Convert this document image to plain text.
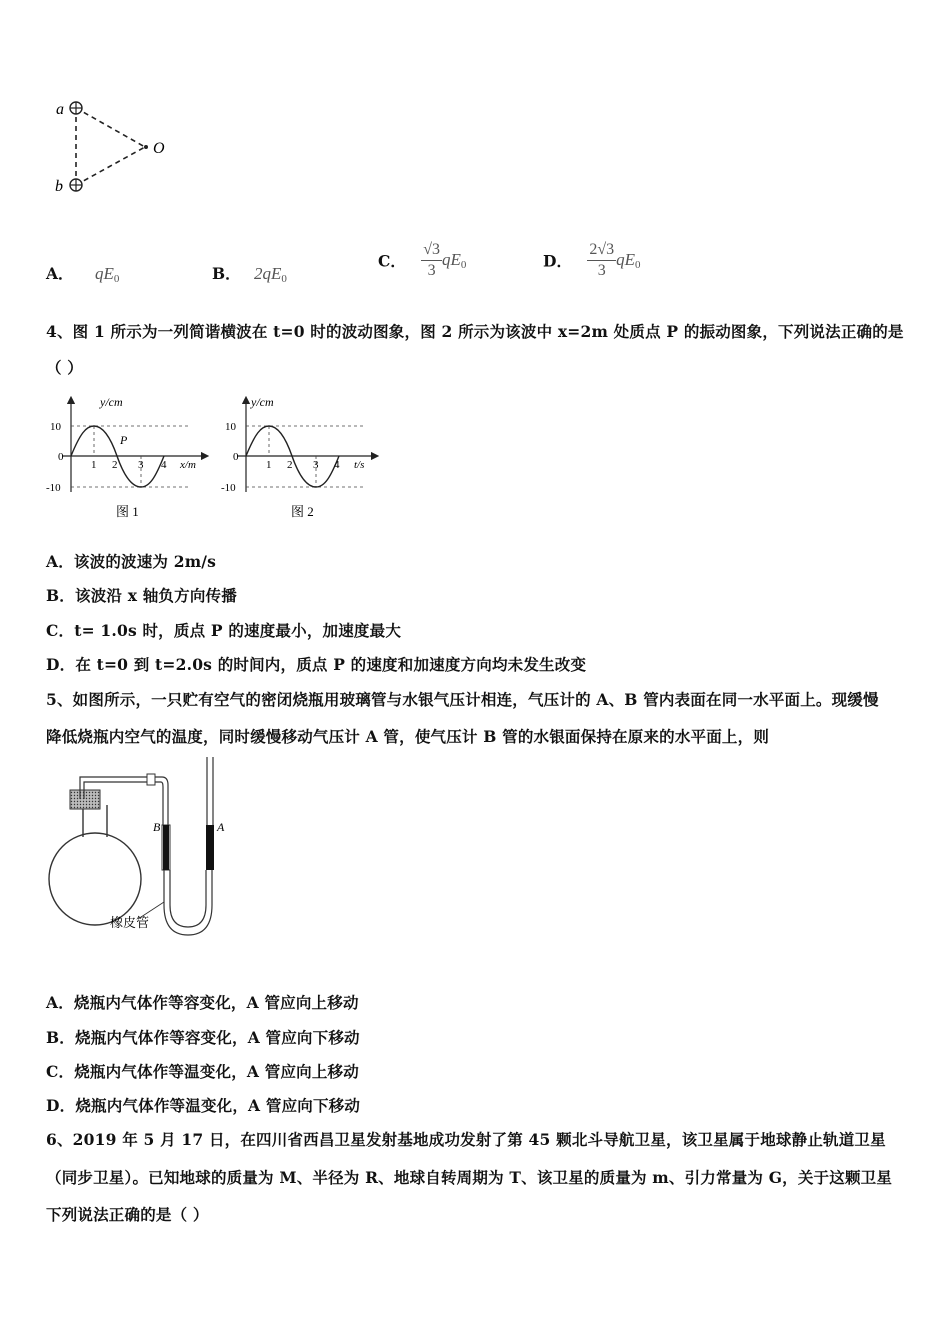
a
b
O
A． $qE_0$	B． $2qE_0$
C． $\frac{√3}{3} qE_0$	D． $\frac{2√3}{3} qE_0$
4、图 1 所示为一列简谐横波在 t=0 时的波动图象，图 2 所示为该波中 x=2m 处质点 P 的振动图象，下列说法正确的是
（ ）
y/cm
x/m
P
10
0
-10
1 2 3 4
图 1
y/cm
t/s
10
0
-10
1 2 3 4
图 2
A．该波的波速为 2m/s
B．该波沿 x 轴负方向传播
C．t= 1.0s 时，质点 P 的速度最小，加速度最大
D．在 t=0 到 t=2.0s 的时间内，质点 P 的速度和加速度方向均未发生改变
5、如图所示，一只贮有空气的密闭烧瓶用玻璃管与水银气压计相连，气压计的 A、B 管内表面在同一水平面上。现缓慢
降低烧瓶内空气的温度，同时缓慢移动气压计 A 管，使气压计 B 管的水银面保持在原来的水平面上，则
B	A
橡皮管
A．烧瓶内气体作等容变化，A 管应向上移动
B．烧瓶内气体作等容变化，A 管应向下移动
C．烧瓶内气体作等温变化，A 管应向上移动
D．烧瓶内气体作等温变化，A 管应向下移动
6、2019 年 5 月 17 日，在四川省西昌卫星发射基地成功发射了第 45 颗北斗导航卫星，该卫星属于地球静止轨道卫星
（同步卫星）。已知地球的质量为 M、半径为 R、地球自转周期为 T、该卫星的质量为 m、引力常量为 G，关于这颗卫星
下列说法正确的是（ ）
